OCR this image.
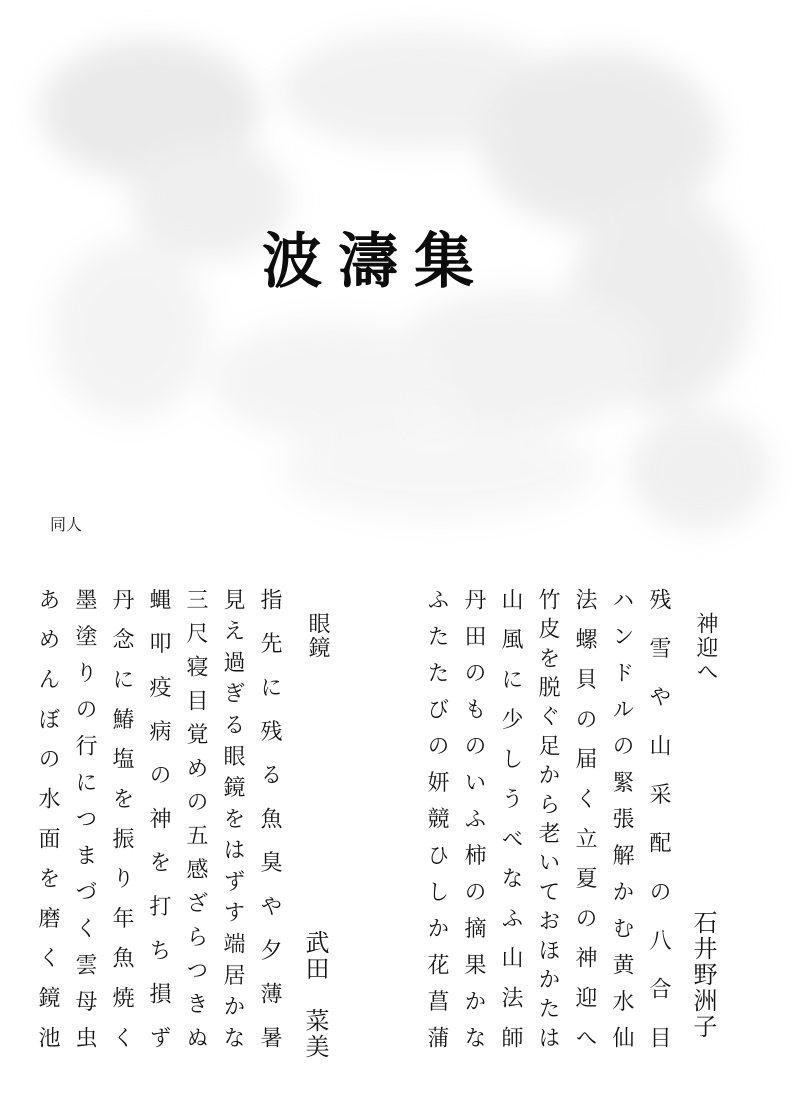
波濤集
同人
神迎へ
石井野洲子
残雪や山采配の八合目
ハンドルの緊張解かむ黄水仙
法螺貝の届く立夏の神迎へ
竹皮を脱ぐ足から老いておほかたは
山風に少しうべなふ山法師
丹田のものいふ柿の摘果かな
ふたたびの妍競ひしか花菖蒲
眼鏡
武田　菜美
指先に残る魚臭や夕薄暑
見え過ぎる眼鏡をはずす端居かな
三尺寝目覚めの五感ざらつきぬ
蝿叩疫病の神を打ち損ず
丹念に鰆塩を振り年魚焼く
墨塗りの行につまづく雲母虫
あめんぼの水面を磨く鏡池
